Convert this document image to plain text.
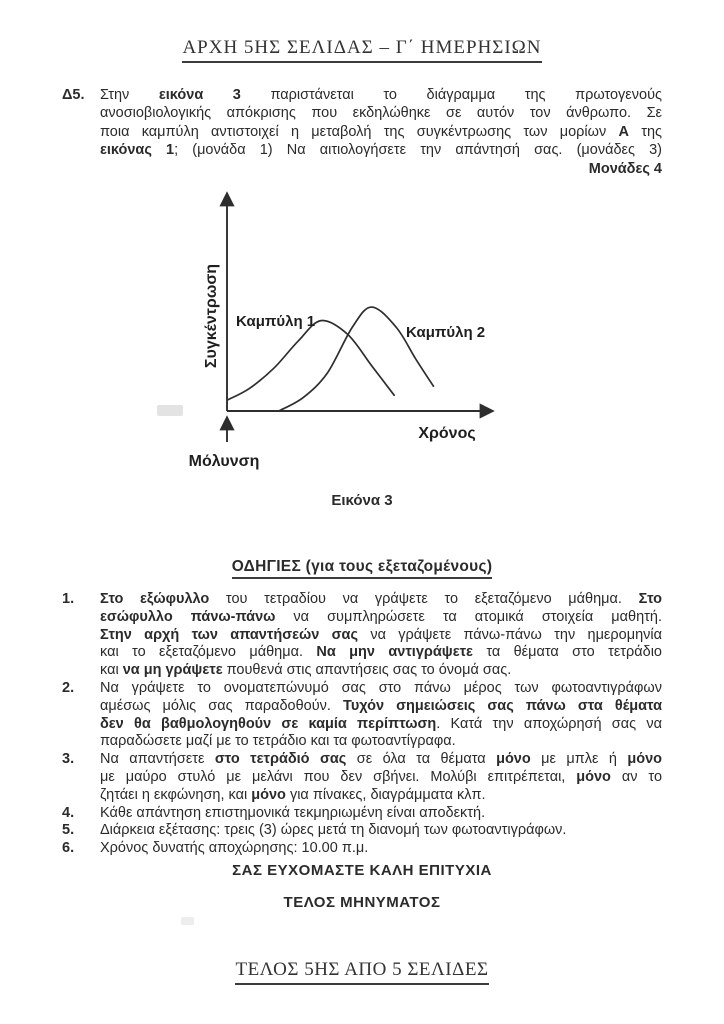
ΑΡΧΗ 5ΗΣ ΣΕΛΙΔΑΣ – Γ΄ ΗΜΕΡΗΣΙΩΝ
Δ5.	Στην εικόνα 3 παριστάνεται το διάγραμμα της πρωτογενούς
ανοσιοβιολογικής απόκρισης που εκδηλώθηκε σε αυτόν τον άνθρωπο. Σε
ποια καμπύλη αντιστοιχεί η μεταβολή της συγκέντρωσης των μορίων Α της
εικόνας 1; (μονάδα 1) Να αιτιολογήσετε την απάντησή σας. (μονάδες 3)
Μονάδες 4
Συγκέντρωση
Χρόνος
Μόλυνση
Καμπύλη 1
Καμπύλη 2
Εικόνα 3
ΟΔΗΓΙΕΣ (για τους εξεταζομένους)
1.	Στο εξώφυλλο του τετραδίου να γράψετε το εξεταζόμενο μάθημα. Στο
εσώφυλλο πάνω-πάνω να συμπληρώσετε τα ατομικά στοιχεία μαθητή.
Στην αρχή των απαντήσεών σας να γράψετε πάνω-πάνω την ημερομηνία
και το εξεταζόμενο μάθημα. Να μην αντιγράψετε τα θέματα στο τετράδιο
και να μη γράψετε πουθενά στις απαντήσεις σας το όνομά σας.
2.	Να γράψετε το ονοματεπώνυμό σας στο πάνω μέρος των φωτοαντιγράφων
αμέσως μόλις σας παραδοθούν. Τυχόν σημειώσεις σας πάνω στα θέματα
δεν θα βαθμολογηθούν σε καμία περίπτωση. Κατά την αποχώρησή σας να
παραδώσετε μαζί με το τετράδιο και τα φωτοαντίγραφα.
3.	Να απαντήσετε στο τετράδιό σας σε όλα τα θέματα μόνο με μπλε ή μόνο
με μαύρο στυλό με μελάνι που δεν σβήνει. Μολύβι επιτρέπεται, μόνο αν το
ζητάει η εκφώνηση, και μόνο για πίνακες, διαγράμματα κλπ.
4.	Κάθε απάντηση επιστημονικά τεκμηριωμένη είναι αποδεκτή.
5.	Διάρκεια εξέτασης: τρεις (3) ώρες μετά τη διανομή των φωτοαντιγράφων.
6.	Χρόνος δυνατής αποχώρησης: 10.00 π.μ.
ΣΑΣ ΕΥΧΟΜΑΣΤΕ ΚΑΛΗ ΕΠΙΤΥΧΙΑ
ΤΕΛΟΣ ΜΗΝΥΜΑΤΟΣ
ΤΕΛΟΣ 5ΗΣ ΑΠΟ 5 ΣΕΛΙΔΕΣ
